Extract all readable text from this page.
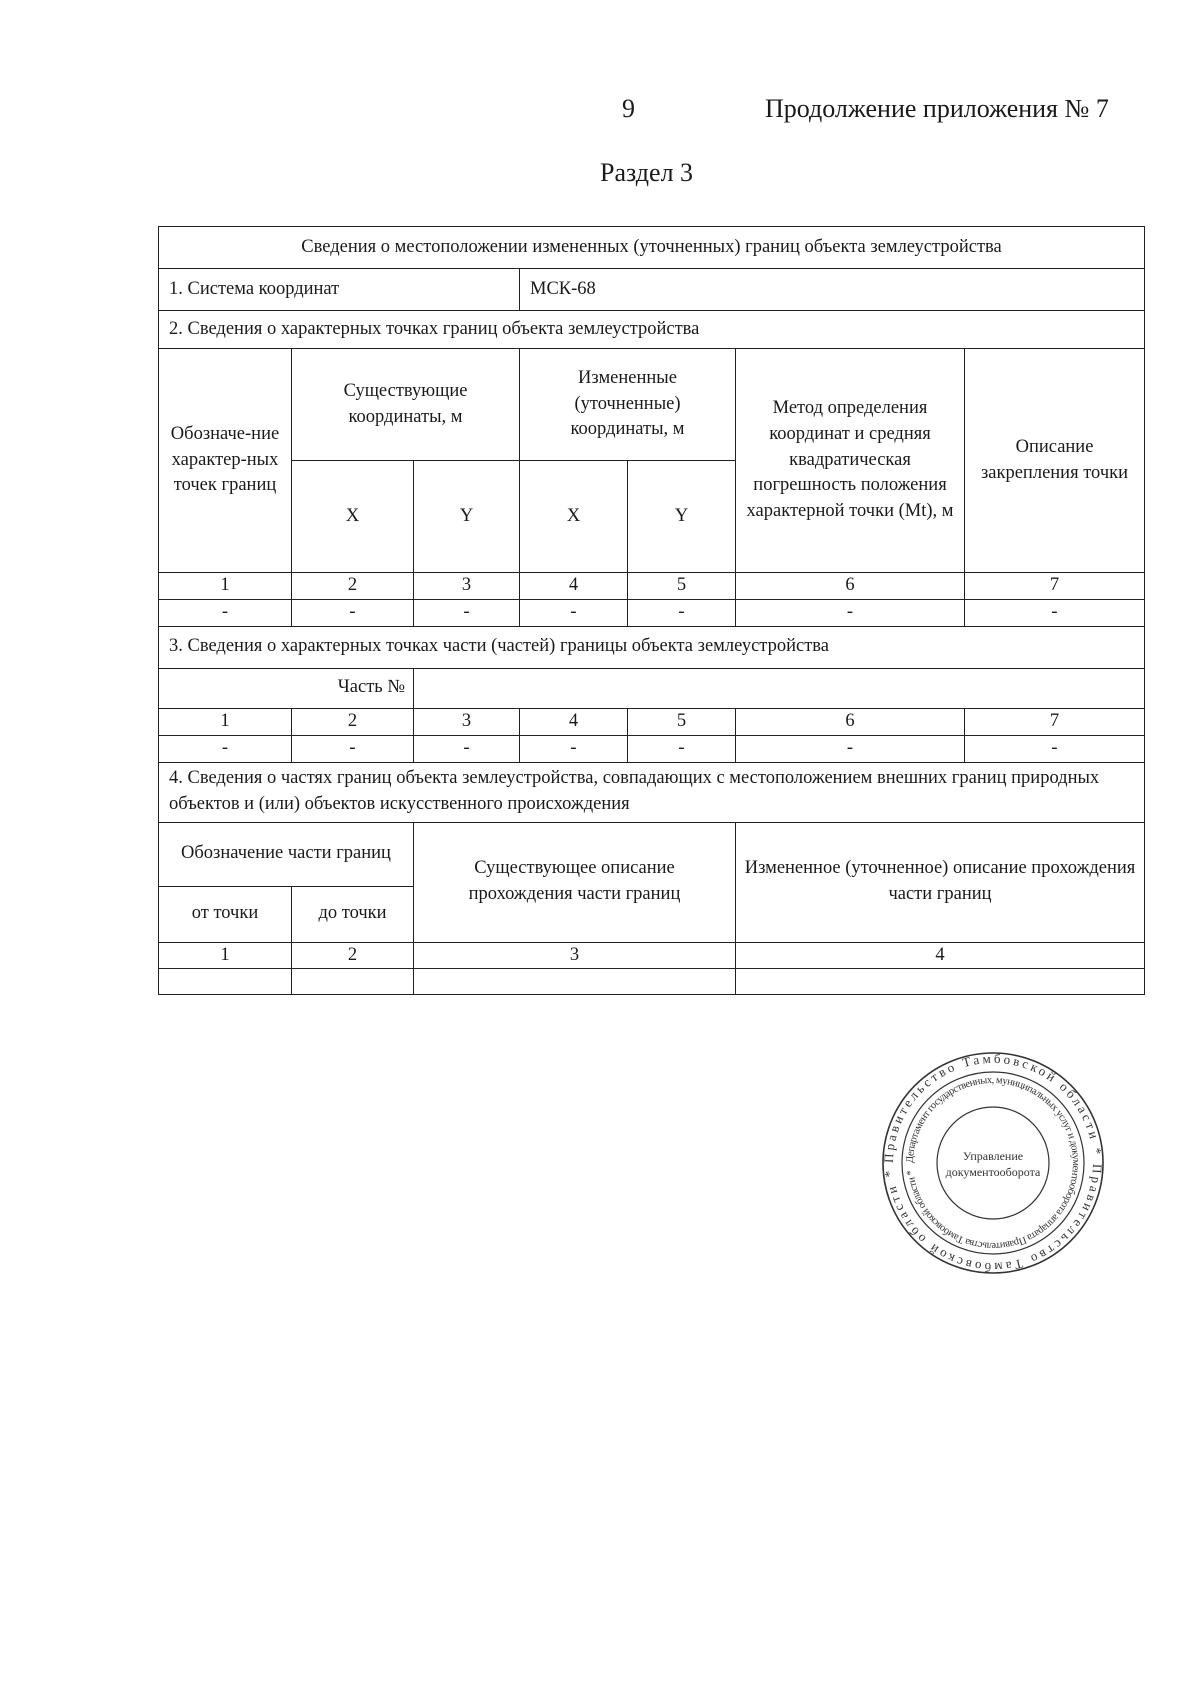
9	Продолжение приложения № 7
Раздел 3
Сведения о местоположении измененных (уточненных) границ объекта землеустройства						
1. Система координат			МСК-68			
2. Сведения о характерных точках границ объекта землеустройства						
Обозначе-ние характер-ных точек границ	Существующие координаты, м		Измененные (уточненные) координаты, м		Метод определения координат и средняя квадратическая погрешность положения характерной точки (Mt), м	Описание закрепления точки
	X	Y	X	Y		
1	2	3	4	5	6	7
-	-	-	-	-	-	-
3. Сведения о характерных точках части (частей) границы объекта землеустройства						
Часть №						
1	2	3	4	5	6	7
-	-	-	-	-	-	-
4. Сведения о частях границ объекта землеустройства, совпадающих с местоположением внешних границ природных объектов и (или) объектов искусственного происхождения						
Обозначение части границ		Существующее описание прохождения части границ			Измененное (уточненное) описание прохождения части границ	
от точки	до точки					
1	2	3			4	

Правительство Тамбовской области * Правительство Тамбовской области *
Департамент государственных, муниципальных услуг и документооборота аппарата Правительства Тамбовской области *
Управление
документооборота
